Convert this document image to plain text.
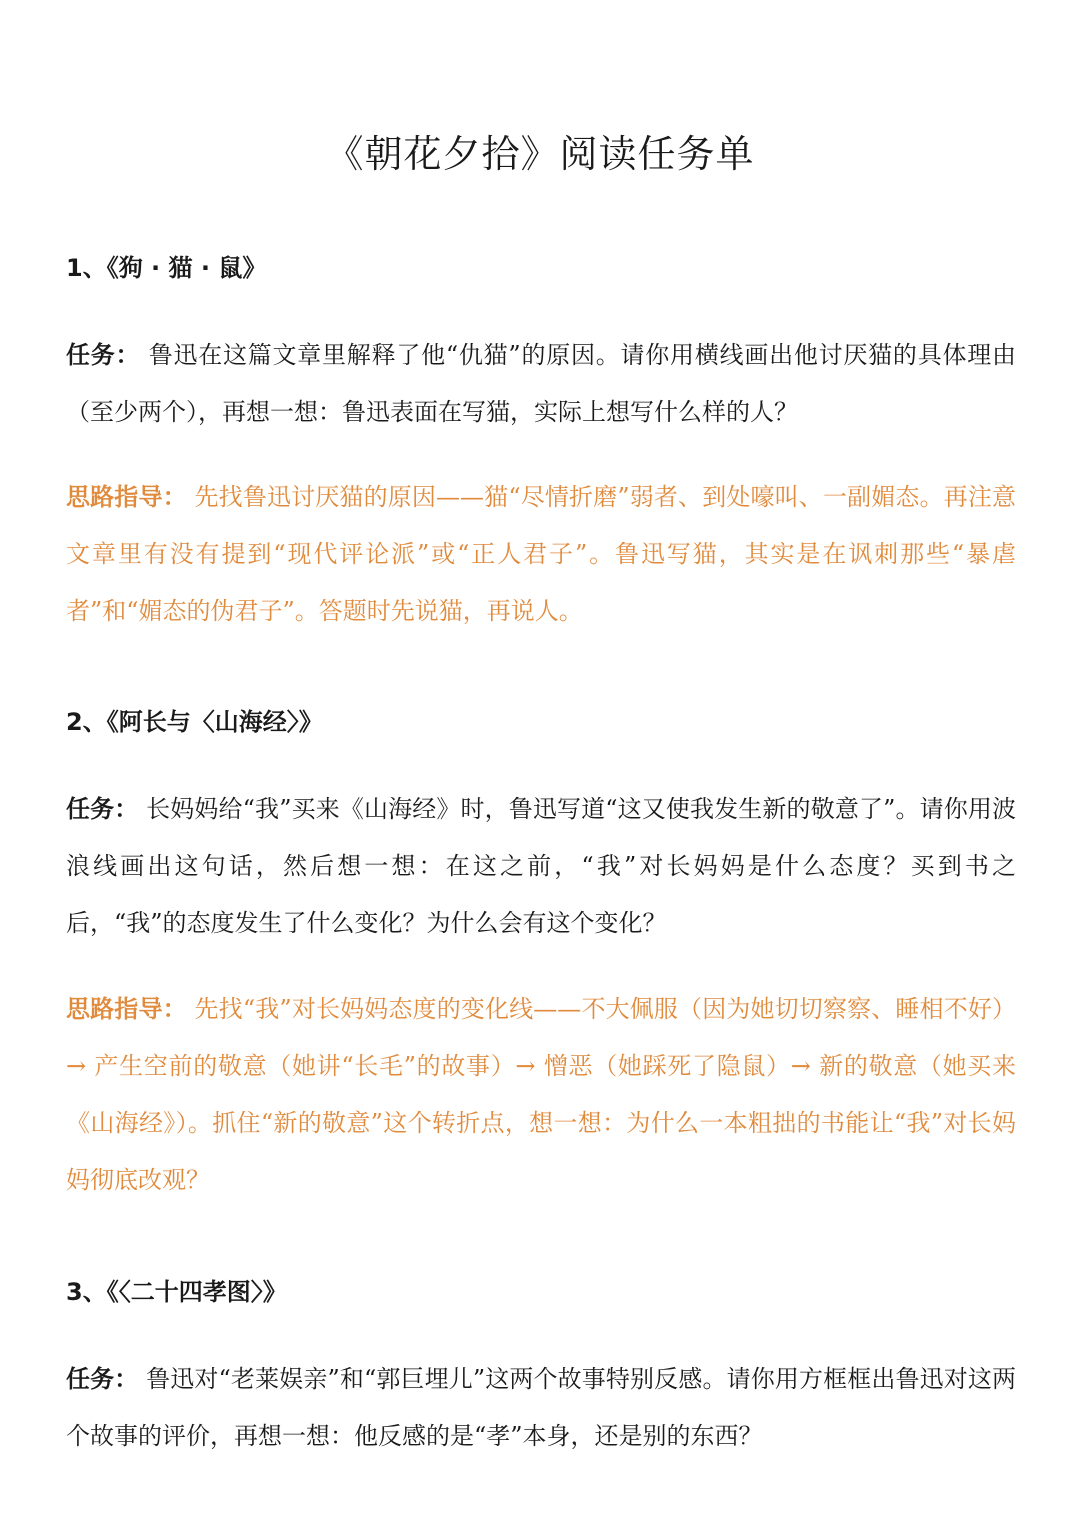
《朝花夕拾》阅读任务单
1、《狗 · 猫 · 鼠》

任务： 鲁迅在这篇文章里解释了他“仇猫”的原因。请你用横线画出他讨厌猫的具体理由（至少两个），再想一想：鲁迅表面在写猫，实际上想写什么样的人？

思路指导： 先找鲁迅讨厌猫的原因——猫“尽情折磨”弱者、到处嚎叫、一副媚态。再注意文章里有没有提到“现代评论派”或“正人君子”。鲁迅写猫，其实是在讽刺那些“暴虐者”和“媚态的伪君子”。答题时先说猫，再说人。

2、《阿长与〈山海经〉》

任务： 长妈妈给“我”买来《山海经》时，鲁迅写道“这又使我发生新的敬意了”。请你用波浪线画出这句话，然后想一想：在这之前，“我”对长妈妈是什么态度？买到书之后，“我”的态度发生了什么变化？为什么会有这个变化？

思路指导： 先找“我”对长妈妈态度的变化线——不大佩服（因为她切切察察、睡相不好）→ 产生空前的敬意（她讲“长毛”的故事）→ 憎恶（她踩死了隐鼠）→ 新的敬意（她买来《山海经》）。抓住“新的敬意”这个转折点，想一想：为什么一本粗拙的书能让“我”对长妈妈彻底改观？

3、《〈二十四孝图〉》

任务： 鲁迅对“老莱娱亲”和“郭巨埋儿”这两个故事特别反感。请你用方框框出鲁迅对这两个故事的评价，再想一想：他反感的是“孝”本身，还是别的东西？
